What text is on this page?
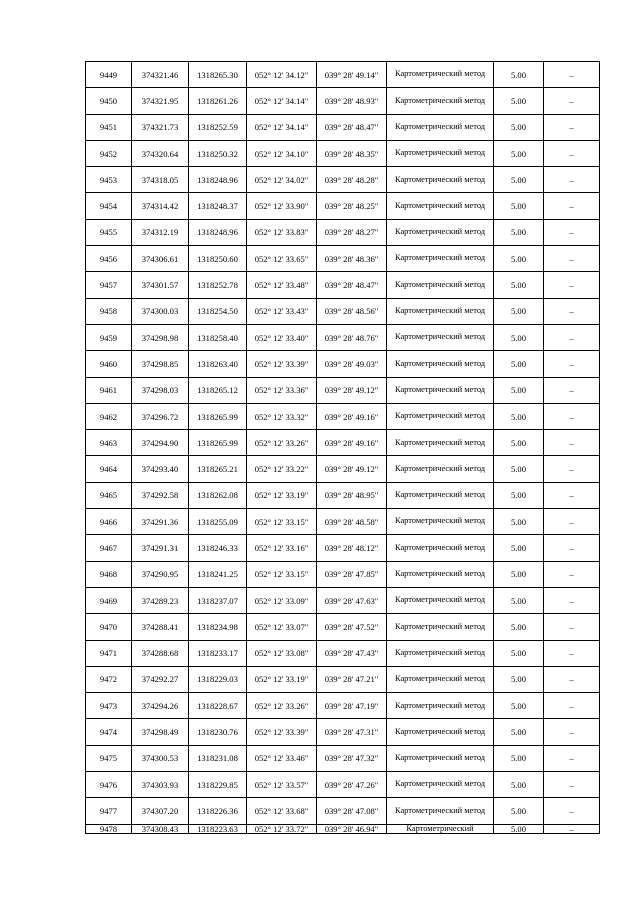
9449	374321.46	1318265.30	052° 12' 34.12"	039° 28' 49.14"	Картометрический метод	5.00	–
9450	374321.95	1318261.26	052° 12' 34.14"	039° 28' 48.93"	Картометрический метод	5.00	–
9451	374321.73	1318252.59	052° 12' 34.14"	039° 28' 48.47"	Картометрический метод	5.00	–
9452	374320.64	1318250.32	052° 12' 34.10"	039° 28' 48.35"	Картометрический метод	5.00	–
9453	374318.05	1318248.96	052° 12' 34.02"	039° 28' 48.28"	Картометрический метод	5.00	–
9454	374314.42	1318248.37	052° 12' 33.90"	039° 28' 48.25"	Картометрический метод	5.00	–
9455	374312.19	1318248.96	052° 12' 33.83"	039° 28' 48.27"	Картометрический метод	5.00	–
9456	374306.61	1318250.60	052° 12' 33.65"	039° 28' 48.36"	Картометрический метод	5.00	–
9457	374301.57	1318252.78	052° 12' 33.48"	039° 28' 48.47"	Картометрический метод	5.00	–
9458	374300.03	1318254.50	052° 12' 33.43"	039° 28' 48.56"	Картометрический метод	5.00	–
9459	374298.98	1318258.40	052° 12' 33.40"	039° 28' 48.76"	Картометрический метод	5.00	–
9460	374298.85	1318263.40	052° 12' 33.39"	039° 28' 49.03"	Картометрический метод	5.00	–
9461	374298.03	1318265.12	052° 12' 33.36"	039° 28' 49.12"	Картометрический метод	5.00	–
9462	374296.72	1318265.99	052° 12' 33.32"	039° 28' 49.16"	Картометрический метод	5.00	–
9463	374294.90	1318265.99	052° 12' 33.26"	039° 28' 49.16"	Картометрический метод	5.00	–
9464	374293.40	1318265.21	052° 12' 33.22"	039° 28' 49.12"	Картометрический метод	5.00	–
9465	374292.58	1318262.08	052° 12' 33.19"	039° 28' 48.95"	Картометрический метод	5.00	–
9466	374291.36	1318255.09	052° 12' 33.15"	039° 28' 48.58"	Картометрический метод	5.00	–
9467	374291.31	1318246.33	052° 12' 33.16"	039° 28' 48.12"	Картометрический метод	5.00	–
9468	374290.95	1318241.25	052° 12' 33.15"	039° 28' 47.85"	Картометрический метод	5.00	–
9469	374289.23	1318237.07	052° 12' 33.09"	039° 28' 47.63"	Картометрический метод	5.00	–
9470	374288.41	1318234.98	052° 12' 33.07"	039° 28' 47.52"	Картометрический метод	5.00	–
9471	374288.68	1318233.17	052° 12' 33.08"	039° 28' 47.43"	Картометрический метод	5.00	–
9472	374292.27	1318229.03	052° 12' 33.19"	039° 28' 47.21"	Картометрический метод	5.00	–
9473	374294.26	1318228.67	052° 12' 33.26"	039° 28' 47.19"	Картометрический метод	5.00	–
9474	374298.49	1318230.76	052° 12' 33.39"	039° 28' 47.31"	Картометрический метод	5.00	–
9475	374300.53	1318231.08	052° 12' 33.46"	039° 28' 47.32"	Картометрический метод	5.00	–
9476	374303.93	1318229.85	052° 12' 33.57"	039° 28' 47.26"	Картометрический метод	5.00	–
9477	374307.20	1318226.36	052° 12' 33.68"	039° 28' 47.08"	Картометрический метод	5.00	–
9478	374308.43	1318223.63	052° 12' 33.72"	039° 28' 46.94"	Картометрический	5.00	–
